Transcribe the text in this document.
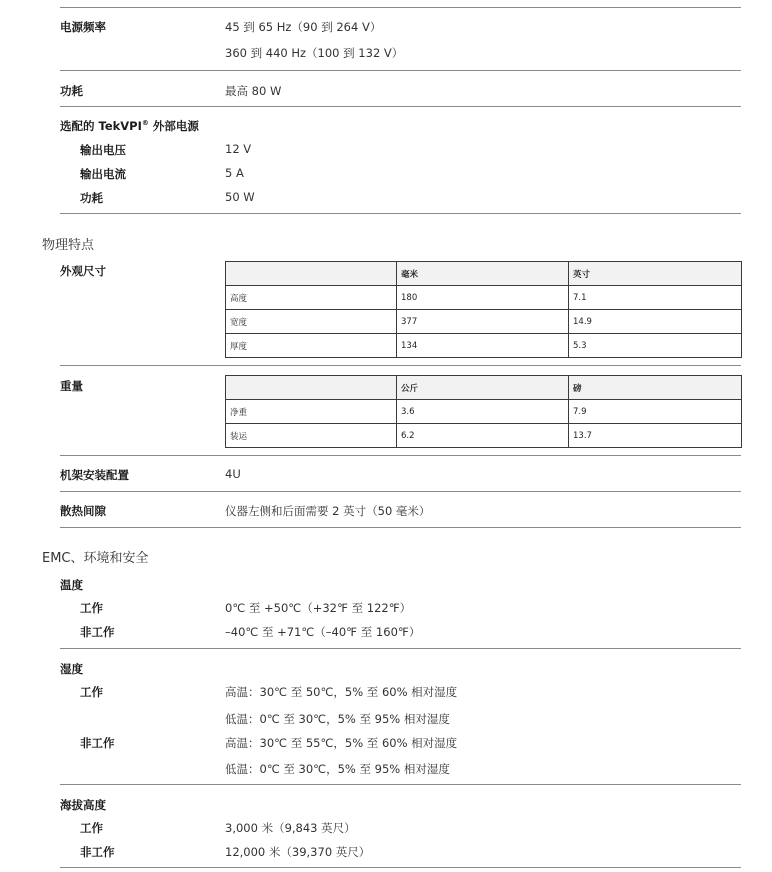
电源频率	45 到 65 Hz（90 到 264 V）
360 到 440 Hz（100 到 132 V）
功耗	最高 80 W
选配的 TekVPI® 外部电源
输出电压	12 V
输出电流	5 A
功耗	50 W
物理特点
外观尺寸
		毫米	英寸
高度	180	7.1
宽度	377	14.9
厚度	134	5.3
重量
		公斤	磅
净重	3.6	7.9
装运	6.2	13.7
机架安装配置	4U
散热间隙	仪器左侧和后面需要 2 英寸（50 毫米）
EMC、环境和安全
温度
工作	0℃ 至 +50℃（+32℉ 至 122℉）
非工作	–40℃ 至 +71℃（–40℉ 至 160℉）
湿度
工作	高温：30℃ 至 50℃，5% 至 60% 相对湿度
低温：0℃ 至 30℃，5% 至 95% 相对湿度
非工作	高温：30℃ 至 55℃，5% 至 60% 相对湿度
低温：0℃ 至 30℃，5% 至 95% 相对湿度
海拔高度
工作	3,000 米（9,843 英尺）
非工作	12,000 米（39,370 英尺）
